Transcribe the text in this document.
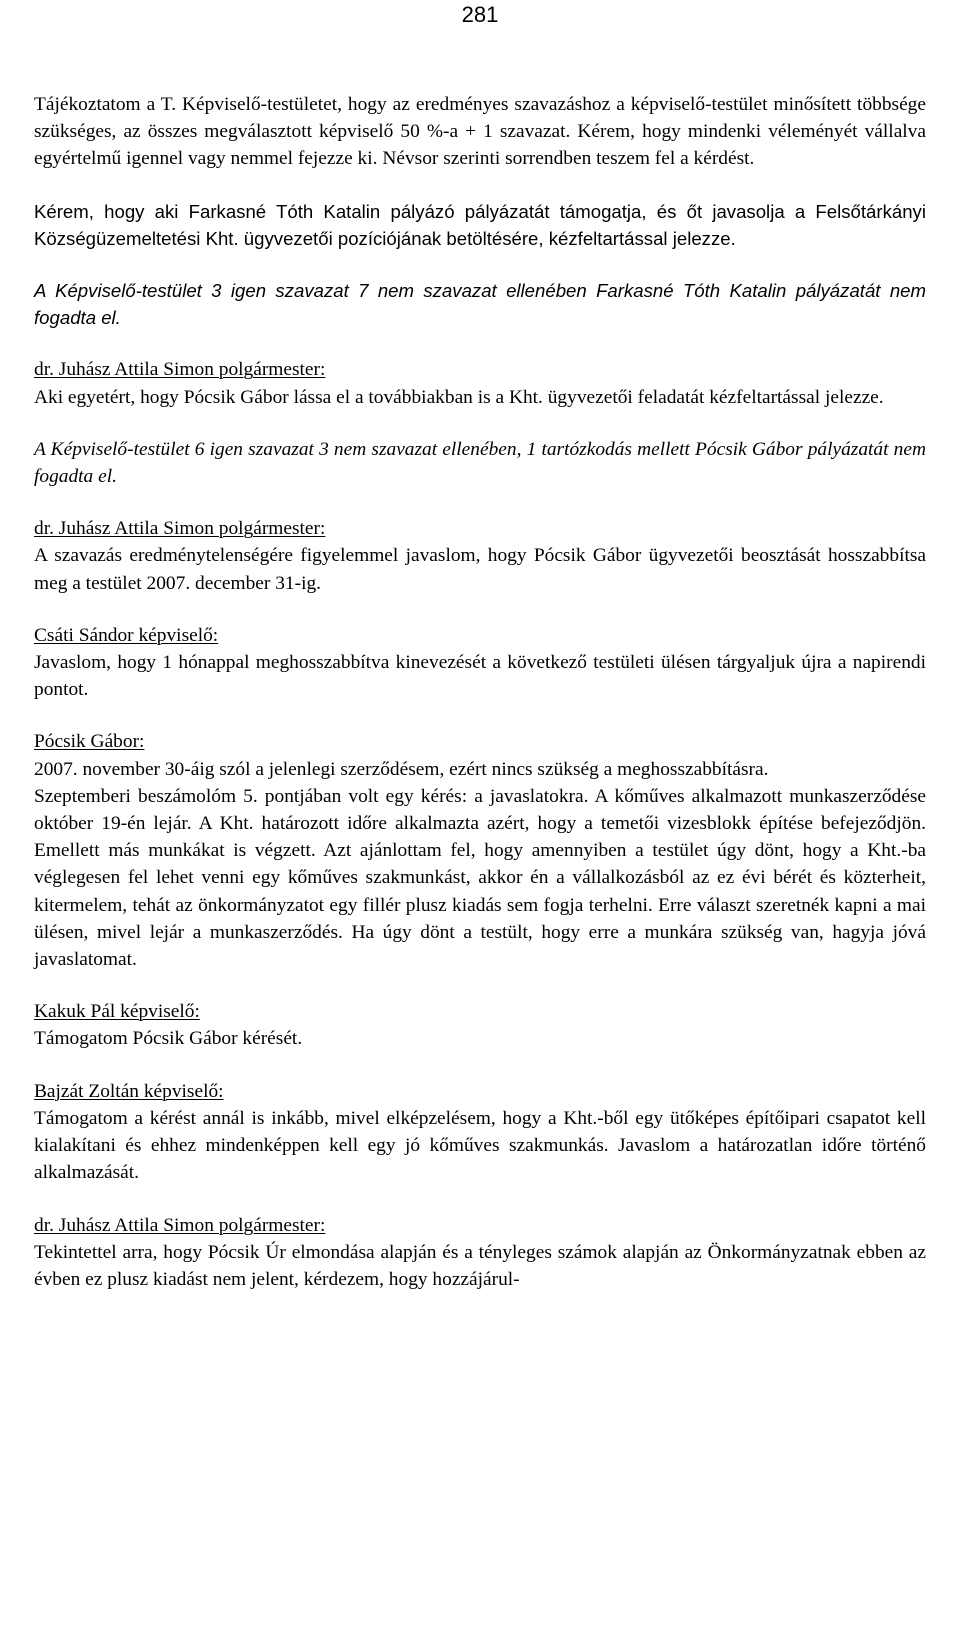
281

Tájékoztatom a T. Képviselő-testületet, hogy az eredményes szavazáshoz a képviselő-testület minősített többsége szükséges, az összes megválasztott képviselő 50 %-a + 1 szavazat. Kérem, hogy mindenki véleményét vállalva egyértelmű igennel vagy nemmel fejezze ki. Névsor szerinti sorrendben teszem fel a kérdést.

Kérem, hogy aki Farkasné Tóth Katalin pályázó pályázatát támogatja, és őt javasolja a Felsőtárkányi Községüzemeltetési Kht. ügyvezetői pozíciójának betöltésére, kézfeltartással jelezze.

A Képviselő-testület 3 igen szavazat 7 nem szavazat ellenében Farkasné Tóth Katalin pályázatát nem fogadta el.

dr. Juhász Attila Simon polgármester:

Aki egyetért, hogy Pócsik Gábor lássa el a továbbiakban is a Kht. ügyvezetői feladatát kézfeltartással jelezze.

A Képviselő-testület 6 igen szavazat 3 nem szavazat ellenében, 1 tartózkodás mellett Pócsik Gábor pályázatát nem fogadta el.

dr. Juhász Attila Simon polgármester:

A szavazás eredménytelenségére figyelemmel javaslom, hogy Pócsik Gábor ügyvezetői beosztását hosszabbítsa meg a testület 2007. december 31-ig.

Csáti Sándor képviselő:

Javaslom, hogy 1 hónappal meghosszabbítva kinevezését a következő testületi ülésen tárgyaljuk újra a napirendi pontot.

Pócsik Gábor:

2007. november 30-áig szól a jelenlegi szerződésem, ezért nincs szükség a meghosszabbításra.

Szeptemberi beszámolóm 5. pontjában volt egy kérés: a javaslatokra. A kőműves alkalmazott munkaszerződése október 19-én lejár. A Kht. határozott időre alkalmazta azért, hogy a temetői vizesblokk építése befejeződjön. Emellett más munkákat is végzett. Azt ajánlottam fel, hogy amennyiben a testület úgy dönt, hogy a Kht.-ba véglegesen fel lehet venni egy kőműves szakmunkást, akkor én a vállalkozásból az ez évi bérét és közterheit, kitermelem, tehát az önkormányzatot egy fillér plusz kiadás sem fogja terhelni. Erre választ szeretnék kapni a mai ülésen, mivel lejár a munkaszerződés. Ha úgy dönt a testült, hogy erre a munkára szükség van, hagyja jóvá javaslatomat.

Kakuk Pál képviselő:

Támogatom Pócsik Gábor kérését.

Bajzát Zoltán képviselő:

Támogatom a kérést annál is inkább, mivel elképzelésem, hogy a Kht.-ből egy ütőképes építőipari csapatot kell kialakítani és ehhez mindenképpen kell egy jó kőműves szakmunkás. Javaslom a határozatlan időre történő alkalmazását.

dr. Juhász Attila Simon polgármester:

Tekintettel arra, hogy Pócsik Úr elmondása alapján és a tényleges számok alapján az Önkormányzatnak ebben az évben ez plusz kiadást nem jelent, kérdezem, hogy hozzájárul-
